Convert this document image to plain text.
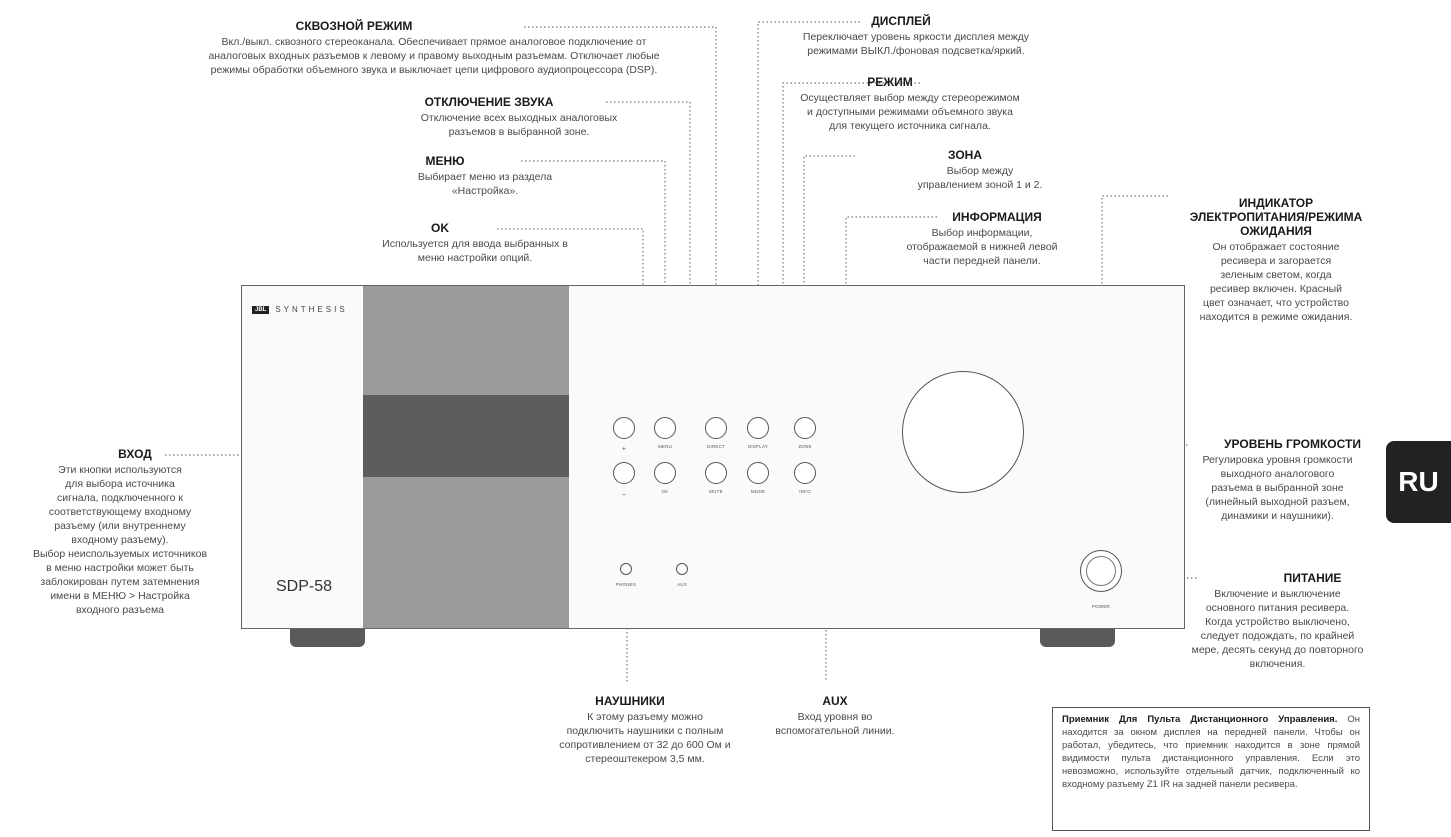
JBL	SYNTHESIS
SDP-58
+
–
MENU
OK
DIRECT
MUTE
DISPLAY
MODE
ZONE
INFO
PHONES	AUX
POWER
СКВОЗНОЙ РЕЖИМ
Вкл./выкл. сквозного стереоканала. Обеспечивает прямое аналоговое подключение от
аналоговых входных разъемов к левому и правому выходным разъемам. Отключает любые
режимы обработки объемного звука и выключает цепи цифрового аудиопроцессора (DSP).
ОТКЛЮЧЕНИЕ ЗВУКА
Отключение всех выходных аналоговых
разъемов в выбранной зоне.
МЕНЮ
Выбирает меню из раздела
«Настройка».
OK
Используется для ввода выбранных в
меню настройки опций.
ДИСПЛЕЙ
Переключает уровень яркости дисплея между
режимами ВЫКЛ./фоновая подсветка/яркий.
РЕЖИМ
Осуществляет выбор между стереорежимом
и доступными режимами объемного звука
для текущего источника сигнала.
ЗОНА
Выбор между
управлением зоной 1 и 2.
ИНФОРМАЦИЯ
Выбор информации,
отображаемой в нижней левой
части передней панели.
ИНДИКАТОР
ЭЛЕКТРОПИТАНИЯ/РЕЖИМА
ОЖИДАНИЯ
Он отображает состояние
ресивера и загорается
зеленым светом, когда
ресивер включен. Красный
цвет означает, что устройство
находится в режиме ожидания.
ВХОД
Эти кнопки используются
для выбора источника
сигнала, подключенного к
соответствующему входному
разъему (или внутреннему
входному разъему).
Выбор неиспользуемых источников
в меню настройки может быть
заблокирован путем затемнения
имени в МЕНЮ > Настройка
входного разъема
УРОВЕНЬ ГРОМКОСТИ
Регулировка уровня громкости
выходного аналогового
разъема в выбранной зоне
(линейный выходной разъем,
динамики и наушники).
ПИТАНИЕ
Включение и выключение
основного питания ресивера.
Когда устройство выключено,
следует подождать, по крайней
мере, десять секунд до повторного
включения.
НАУШНИКИ
К этому разъему можно
подключить наушники с полным
сопротивлением от 32 до 600 Ом и
стереоштекером 3,5 мм.
AUX
Вход уровня во
вспомогательной линии.
Приемник Для Пульта Дистанционного Управления. Он находится за окном дисплея на передней панели. Чтобы он работал, убедитесь, что приемник находится в зоне прямой видимости пульта дистанционного управления. Если это невозможно, используйте отдельный датчик, подключенный ко входному разъему Z1 IR на задней панели ресивера.
RU
